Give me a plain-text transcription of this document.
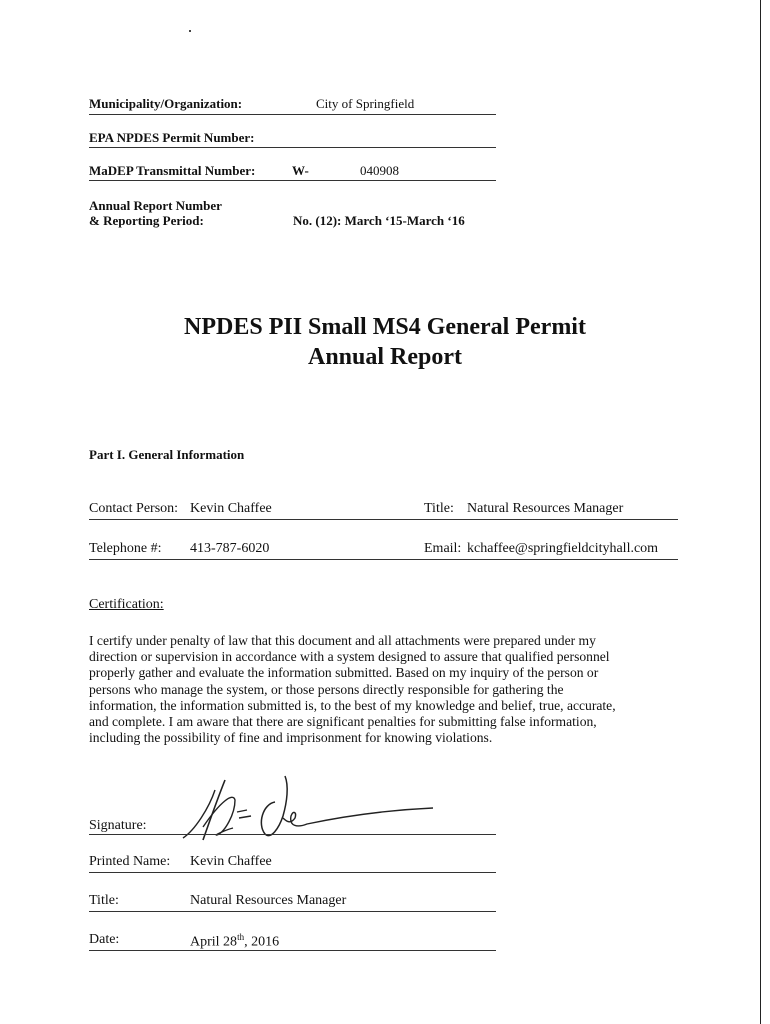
Municipality/Organization:	City of Springfield
EPA NPDES Permit Number:
MaDEP Transmittal Number:	W-	040908
Annual Report Number
& Reporting Period:	No. (12): March ‘15-March ‘16
NPDES PII Small MS4 General Permit
Annual Report
Part I. General Information
Contact Person: Kevin Chaffee	Title: Natural Resources Manager
Telephone #: 413-787-6020	Email: kchaffee@springfieldcityhall.com
Certification:
I certify under penalty of law that this document and all attachments were prepared under my
direction or supervision in accordance with a system designed to assure that qualified personnel
properly gather and evaluate the information submitted. Based on my inquiry of the person or
persons who manage the system, or those persons directly responsible for gathering the
information, the information submitted is, to the best of my knowledge and belief, true, accurate,
and complete. I am aware that there are significant penalties for submitting false information,
including the possibility of fine and imprisonment for knowing violations.
Signature:
Printed Name: Kevin Chaffee
Title:	Natural Resources Manager
Date:	April 28th, 2016
